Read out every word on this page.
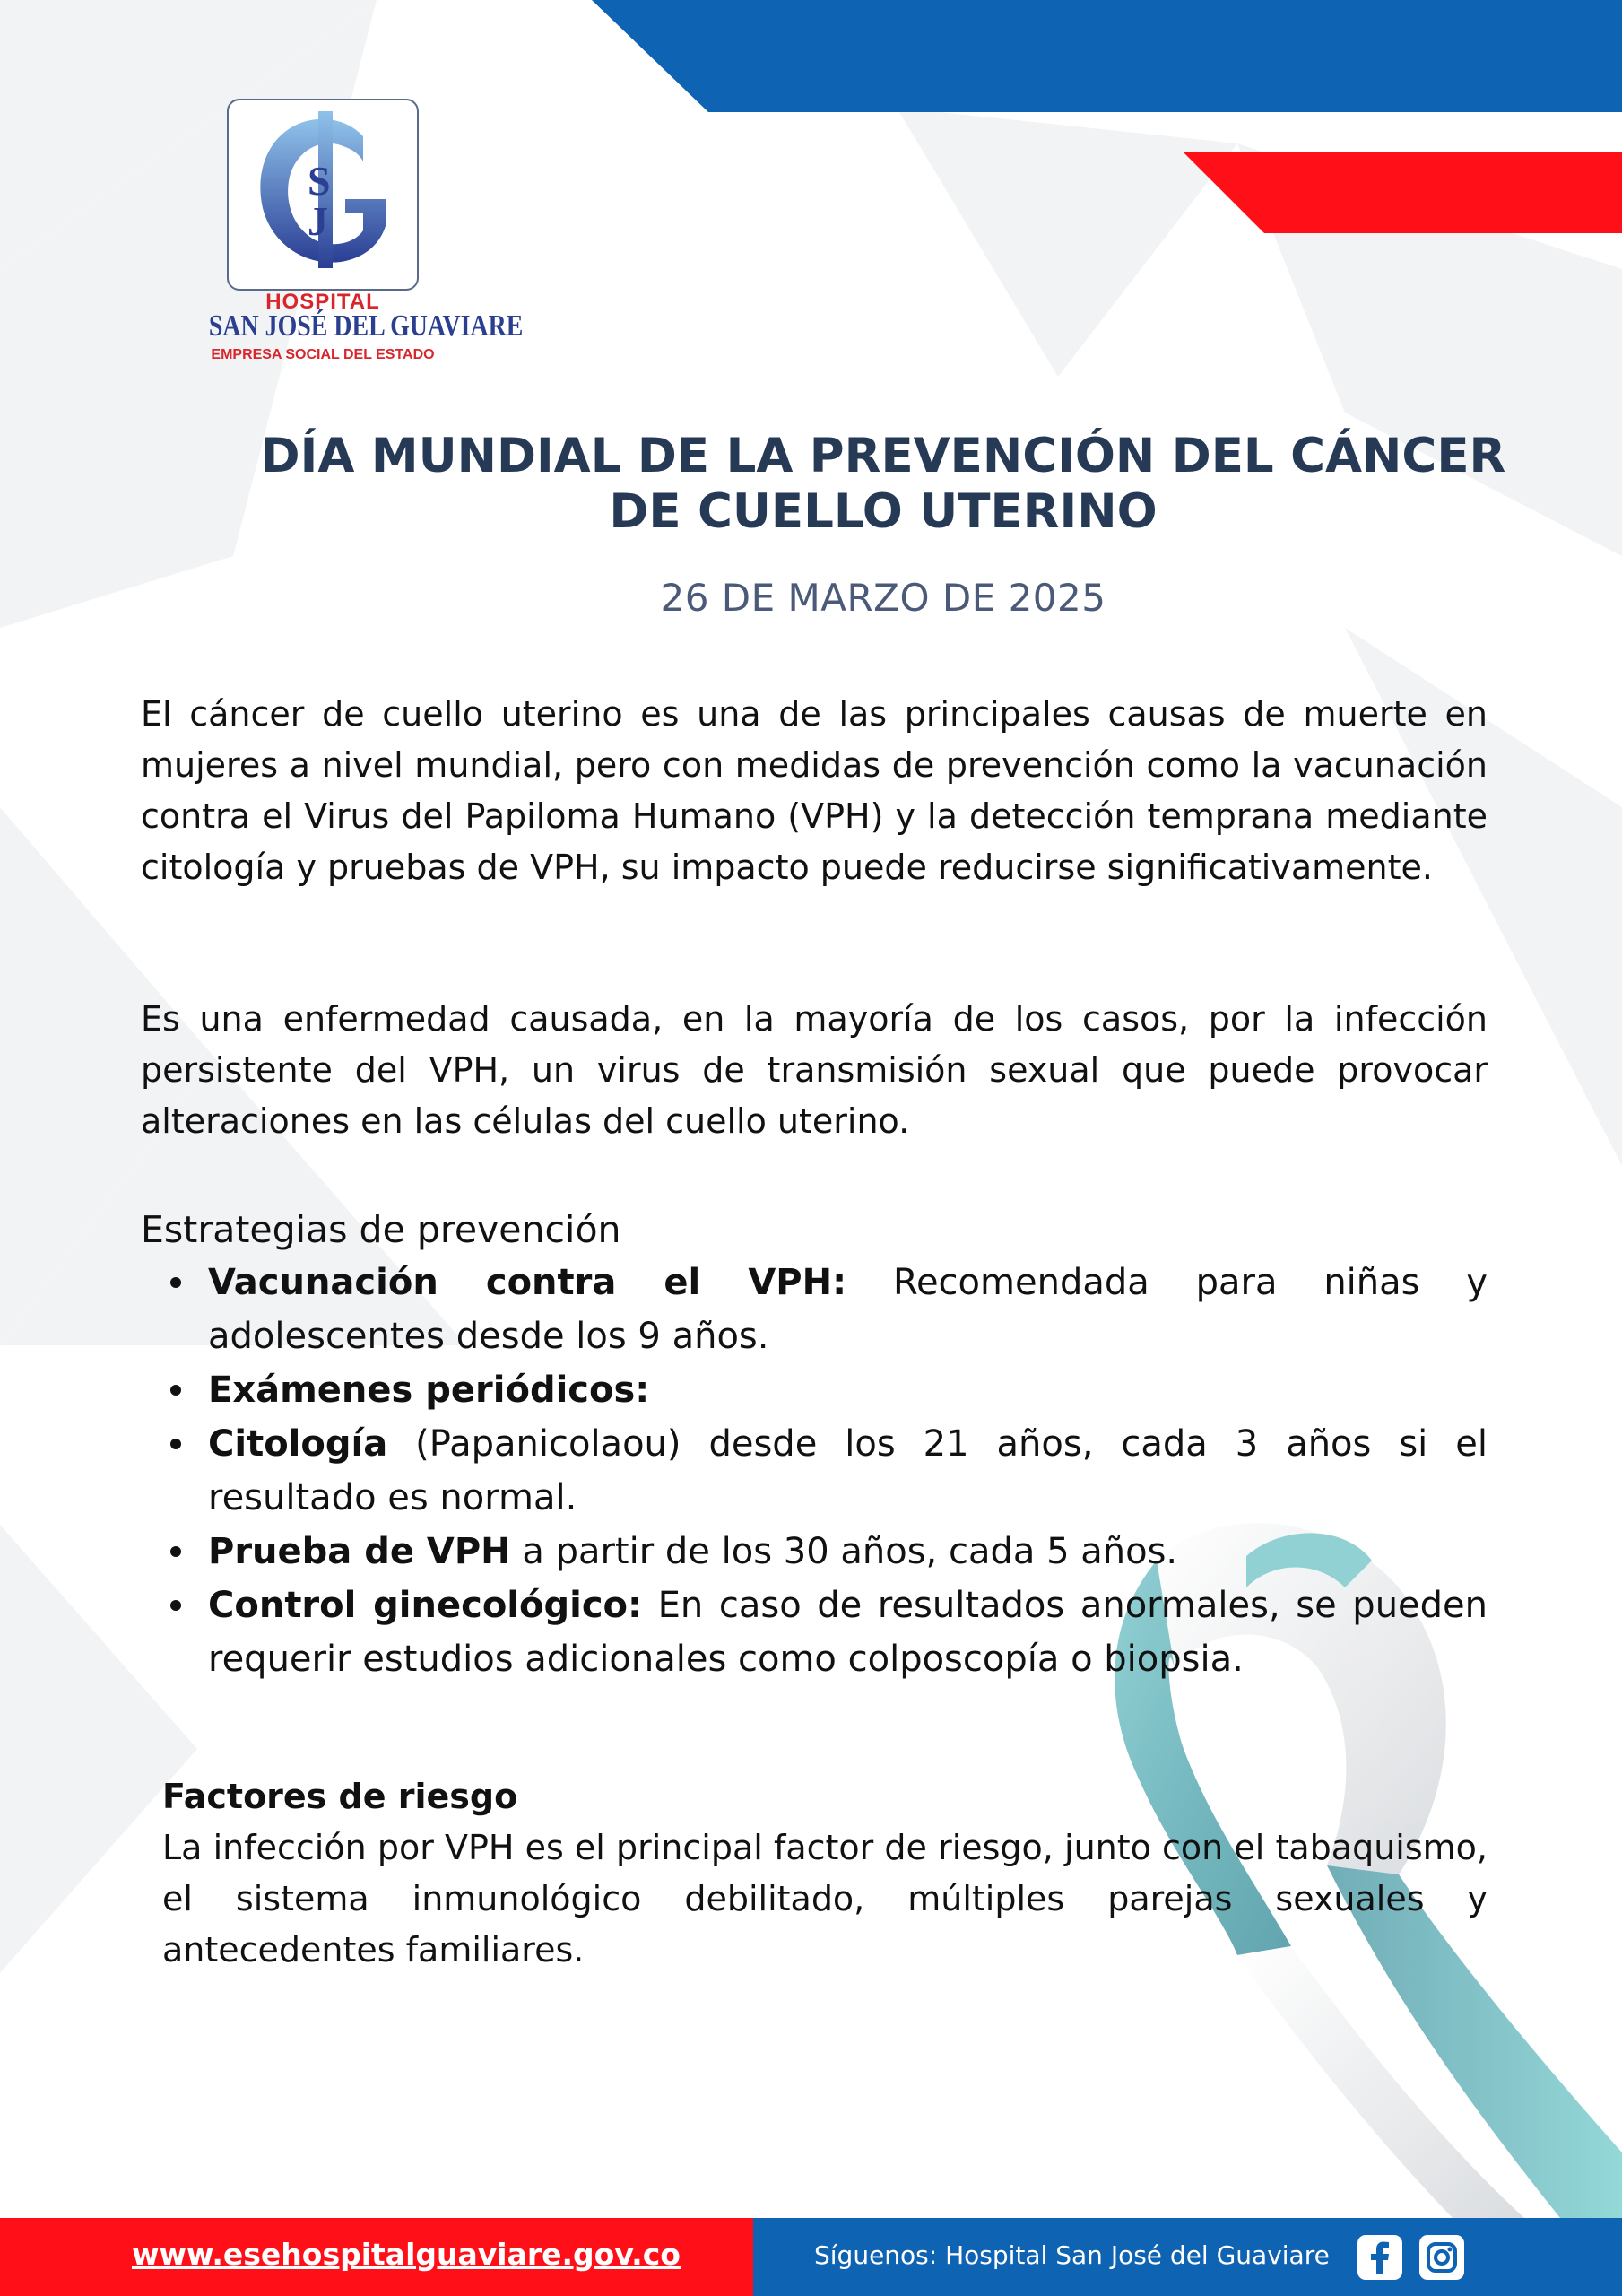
S
J
HOSPITAL
SAN JOSÉ DEL GUAVIARE
EMPRESA SOCIAL DEL ESTADO
DÍA MUNDIAL DE LA PREVENCIÓN DEL CÁNCER
DE CUELLO UTERINO
26 DE MARZO DE 2025

El cáncer de cuello uterino es una de las principales causas de muerte en mujeres a nivel mundial, pero con medidas de prevención como la vacunación contra el Virus del Papiloma Humano (VPH) y la detección temprana mediante citología y pruebas de VPH, su impacto puede reducirse significativamente.

Es una enfermedad causada, en la mayoría de los casos, por la infección persistente del VPH, un virus de transmisión sexual que puede provocar alteraciones en las células del cuello uterino.

Estrategias de prevención

Vacunación contra el VPH: Recomendada para niñas y adolescentes desde los 9 años.
Exámenes periódicos:
Citología (Papanicolaou) desde los 21 años, cada 3 años si el resultado es normal.
Prueba de VPH a partir de los 30 años, cada 5 años.
Control ginecológico: En caso de resultados anormales, se pueden requerir estudios adicionales como colposcopía o biopsia.

Factores de riesgo

La infección por VPH es el principal factor de riesgo, junto con el tabaquismo, el sistema inmunológico debilitado, múltiples parejas sexuales y antecedentes familiares.

www.esehospitalguaviare.gov.co	Síguenos: Hospital San José del Guaviare
